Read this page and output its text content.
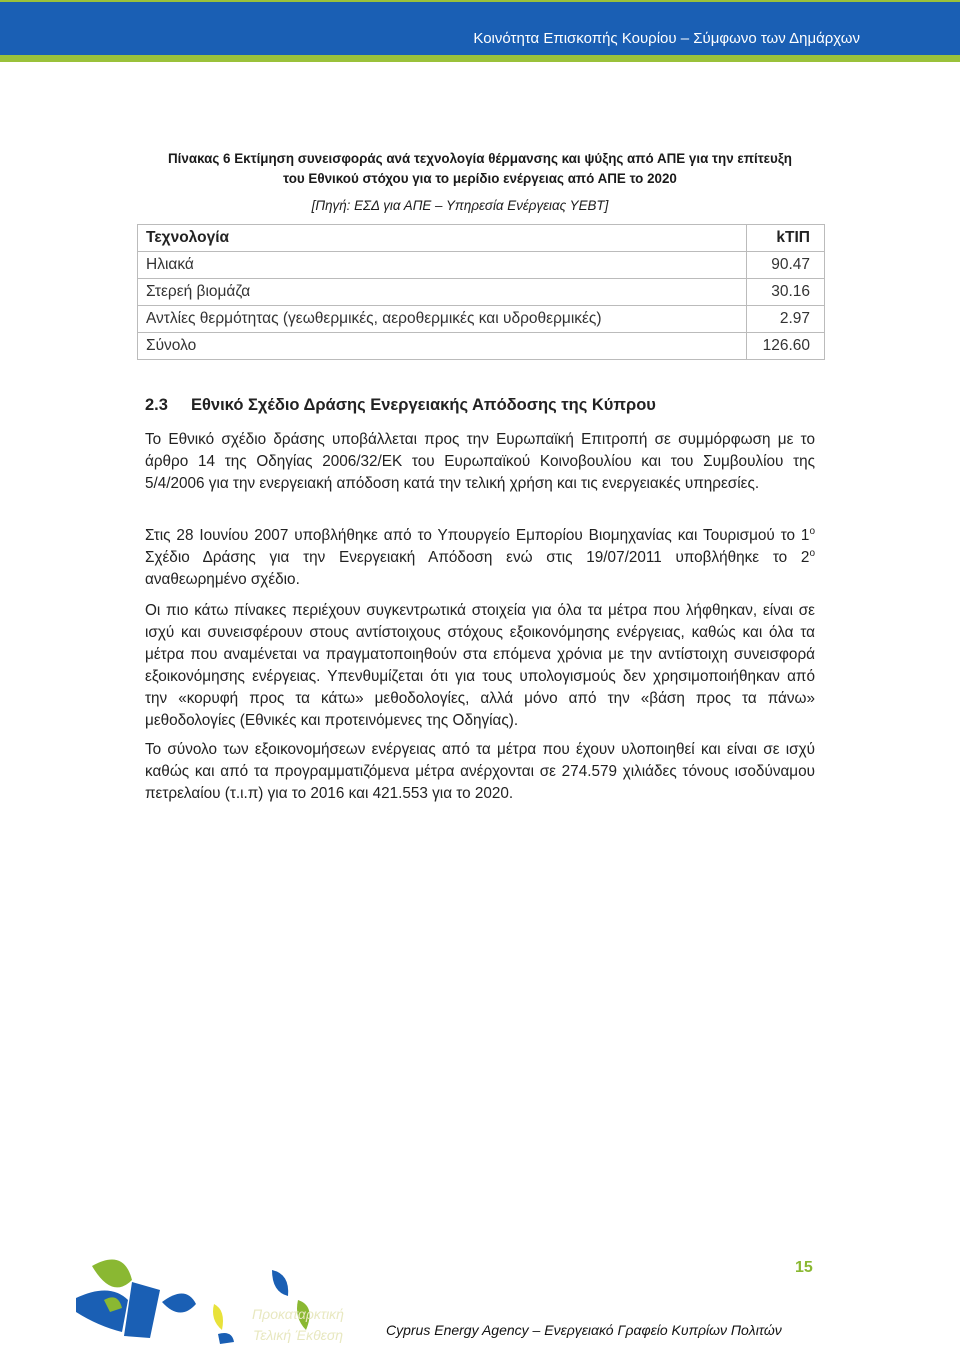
Κοινότητα Επισκοπής Κουρίου – Σύμφωνο των Δημάρχων
Πίνακας 6 Εκτίμηση συνεισφοράς ανά τεχνολογία θέρμανσης και ψύξης από ΑΠΕ για την επίτευξη
του Εθνικού στόχου για το μερίδιο ενέργειας από ΑΠΕ το 2020
[Πηγή: ΕΣΔ για ΑΠΕ – Υπηρεσία Ενέργειας ΥΕΒΤ]
Τεχνολογία	kΤΙΠ
Ηλιακά	90.47
Στερεή βιομάζα	30.16
Αντλίες θερμότητας (γεωθερμικές, αεροθερμικές και υδροθερμικές)	2.97
Σύνολο	126.60
2.3 Εθνικό Σχέδιο Δράσης Ενεργειακής Απόδοσης της Κύπρου

Το Εθνικό σχέδιο δράσης υποβάλλεται προς την Ευρωπαϊκή Επιτροπή σε συμμόρφωση με το άρθρο 14 της Οδηγίας 2006/32/ΕΚ του Ευρωπαϊκού Κοινοβουλίου και του Συμβουλίου της 5/4/2006 για την ενεργειακή απόδοση κατά την τελική χρήση και τις ενεργειακές υπηρεσίες.

Στις 28 Ιουνίου 2007 υποβλήθηκε από το Υπουργείο Εμπορίου Βιομηχανίας και Τουρισμού το $1^o$ Σχέδιο Δράσης για την Ενεργειακή Απόδοση ενώ στις 19/07/2011 υποβλήθηκε το $2^o$ αναθεωρημένο σχέδιο.

Οι πιο κάτω πίνακες περιέχουν συγκεντρωτικά στοιχεία για όλα τα μέτρα που λήφθηκαν, είναι σε ισχύ και συνεισφέρουν στους αντίστοιχους στόχους εξοικονόμησης ενέργειας, καθώς και όλα τα μέτρα που αναμένεται να πραγματοποιηθούν στα επόμενα χρόνια με την αντίστοιχη συνεισφορά εξοικονόμησης ενέργειας. Υπενθυμίζεται ότι για τους υπολογισμούς δεν χρησιμοποιήθηκαν από την «κορυφή προς τα κάτω» μεθοδολογίες, αλλά μόνο από την «βάση προς τα πάνω» μεθοδολογίες (Εθνικές και προτεινόμενες της Οδηγίας).

Το σύνολο των εξοικονομήσεων ενέργειας από τα μέτρα που έχουν υλοποιηθεί και είναι σε ισχύ καθώς και από τα προγραμματιζόμενα μέτρα ανέρχονται σε 274.579 χιλιάδες τόνους ισοδύναμου πετρελαίου (τ.ι.π) για το 2016 και 421.553 για το 2020.

15
Προκαταρκτική
Τελική Έκθεση	Cyprus Energy Agency – Ενεργειακό Γραφείο Κυπρίων Πολιτών
